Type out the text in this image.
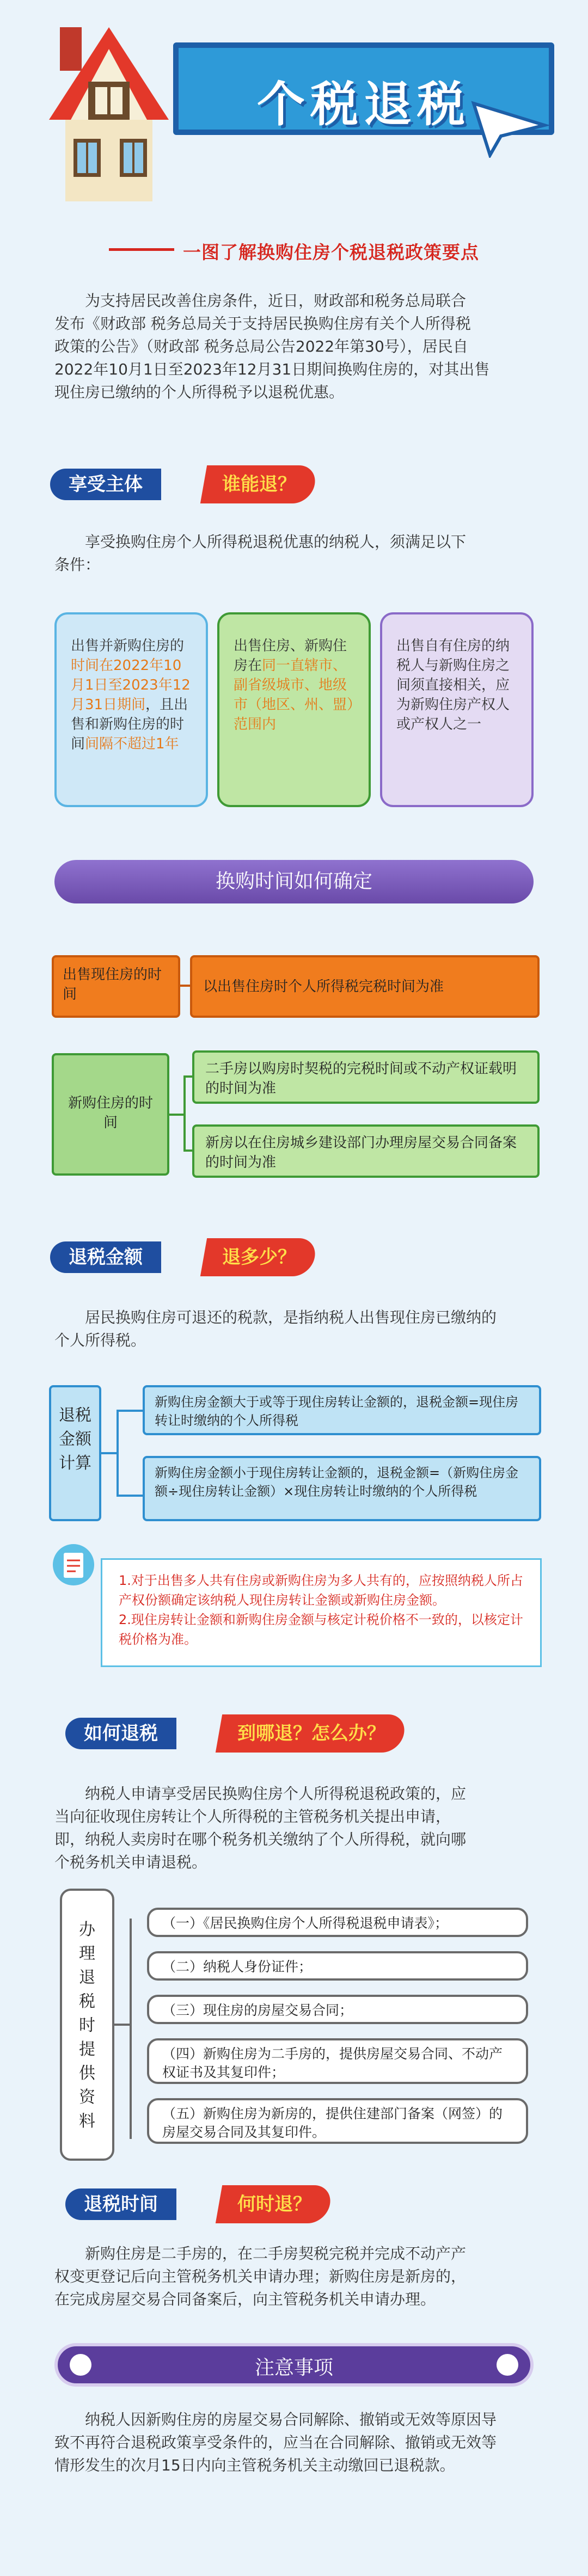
个税退税
一图了解换购住房个税退税政策要点
为支持居民改善住房条件，近日，财政部和税务总局联合
发布《财政部 税务总局关于支持居民换购住房有关个人所得税
政策的公告》（财政部 税务总局公告2022年第30号），居民自
2022年10月1日至2023年12月31日期间换购住房的，对其出售
现住房已缴纳的个人所得税予以退税优惠。
享受主体	谁能退？
享受换购住房个人所得税退税优惠的纳税人，须满足以下
条件：
出售并新购住房的时间在2022年10月1日至2023年12月31日期间，且出售和新购住房的时间间隔不超过1年
出售住房、新购住房在同一直辖市、副省级城市、地级市（地区、州、盟）范围内
出售自有住房的纳税人与新购住房之间须直接相关，应为新购住房产权人或产权人之一
换购时间如何确定
出售现住房的时间	以出售住房时个人所得税完税时间为准
新购住房的时间
二手房以购房时契税的完税时间或不动产权证载明的时间为准
新房以在住房城乡建设部门办理房屋交易合同备案的时间为准
退税金额	退多少？
居民换购住房可退还的税款，是指纳税人出售现住房已缴纳的
个人所得税。
退税金额计算
新购住房金额大于或等于现住房转让金额的，退税金额=现住房转让时缴纳的个人所得税
新购住房金额小于现住房转让金额的，退税金额=（新购住房金额÷现住房转让金额）×现住房转让时缴纳的个人所得税
1.对于出售多人共有住房或新购住房为多人共有的，应按照纳税人所占产权份额确定该纳税人现住房转让金额或新购住房金额。
2.现住房转让金额和新购住房金额与核定计税价格不一致的，以核定计税价格为准。
如何退税	到哪退？怎么办？
纳税人申请享受居民换购住房个人所得税退税政策的，应
当向征收现住房转让个人所得税的主管税务机关提出申请，
即，纳税人卖房时在哪个税务机关缴纳了个人所得税，就向哪
个税务机关申请退税。
办理退税时提供资料
（一）《居民换购住房个人所得税退税申请表》；
（二）纳税人身份证件；
（三）现住房的房屋交易合同；
（四）新购住房为二手房的，提供房屋交易合同、不动产权证书及其复印件；
（五）新购住房为新房的，提供住建部门备案（网签）的房屋交易合同及其复印件。
退税时间	何时退？
新购住房是二手房的，在二手房契税完税并完成不动产产
权变更登记后向主管税务机关申请办理；新购住房是新房的，
在完成房屋交易合同备案后，向主管税务机关申请办理。
注意事项
纳税人因新购住房的房屋交易合同解除、撤销或无效等原因导
致不再符合退税政策享受条件的，应当在合同解除、撤销或无效等
情形发生的次月15日内向主管税务机关主动缴回已退税款。
